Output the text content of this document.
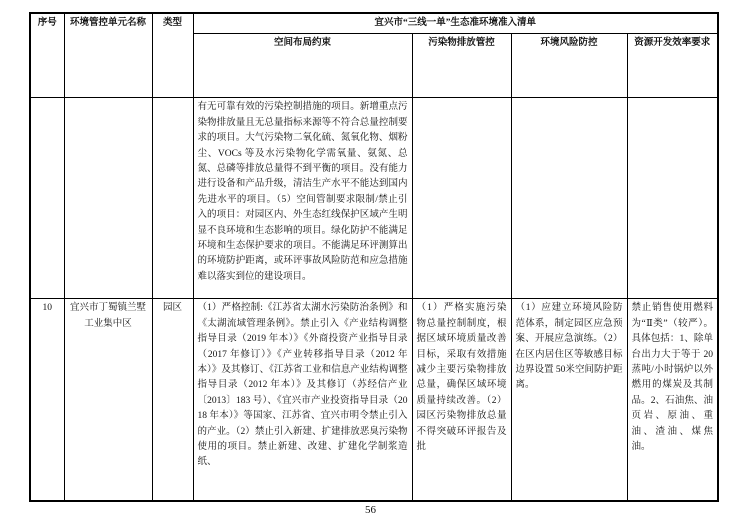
序号	环境管控单元名称	类型	宜兴市“三线一单”生态准环境准入清单			
			空间布局约束	污染物排放管控	环境风险防控	资源开发效率要求
			有无可靠有效的污染控制措施的项目。新增重点污染物排放量且无总量指标来源等不符合总量控制要求的项目。大气污染物二氧化硫、氮氧化物、烟粉尘、VOCs 等及水污染物化学需氧量、氨氮、总氮、总磷等排放总量得不到平衡的项目。没有能力进行设备和产品升级，清洁生产水平不能达到国内先进水平的项目。（5）空间管制要求限制/禁止引入的项目：对园区内、外生态红线保护区域产生明显不良环境和生态影响的项目。绿化防护不能满足环境和生态保护要求的项目。不能满足环评测算出的环境防护距离，或环评事故风险防范和应急措施难以落实到位的建设项目。			
10	宜兴市丁蜀镇兰墅工业集中区	园区	（1）严格控制:《江苏省太湖水污染防治条例》和《太湖流域管理条例》。禁止引入《产业结构调整指导目录（2019 年本）》《外商投资产业指导目录（2017 年修订）》《产业转移指导目录（2012 年本）》及其修订、《江苏省工业和信息产业结构调整指导目录（2012 年本）》及其修订（苏经信产业〔2013〕183 号）、《宜兴市产业投资指导目录（2018 年本）》等国家、江苏省、宜兴市明令禁止引入的产业。（2）禁止引入新建、扩建排放恶臭污染物使用的项目。禁止新建、改建、扩建化学制浆造纸、	（1）严格实施污染物总量控制制度，根据区域环境质量改善目标，采取有效措施减少主要污染物排放总量，确保区域环境质量持续改善。（2）园区污染物排放总量不得突破环评报告及批	（1）应建立环境风险防范体系，制定园区应急预案、开展应急演练。（2）在区内居住区等敏感目标边界设置 50米空间防护距离。	禁止销售使用燃料为“Ⅱ类”（较严）。具体包括：1、除单台出力大于等于 20 蒸吨/小时锅炉以外燃用的煤炭及其制品。2、石油焦、油页岩、原油、重油、渣油、煤焦油。
56
